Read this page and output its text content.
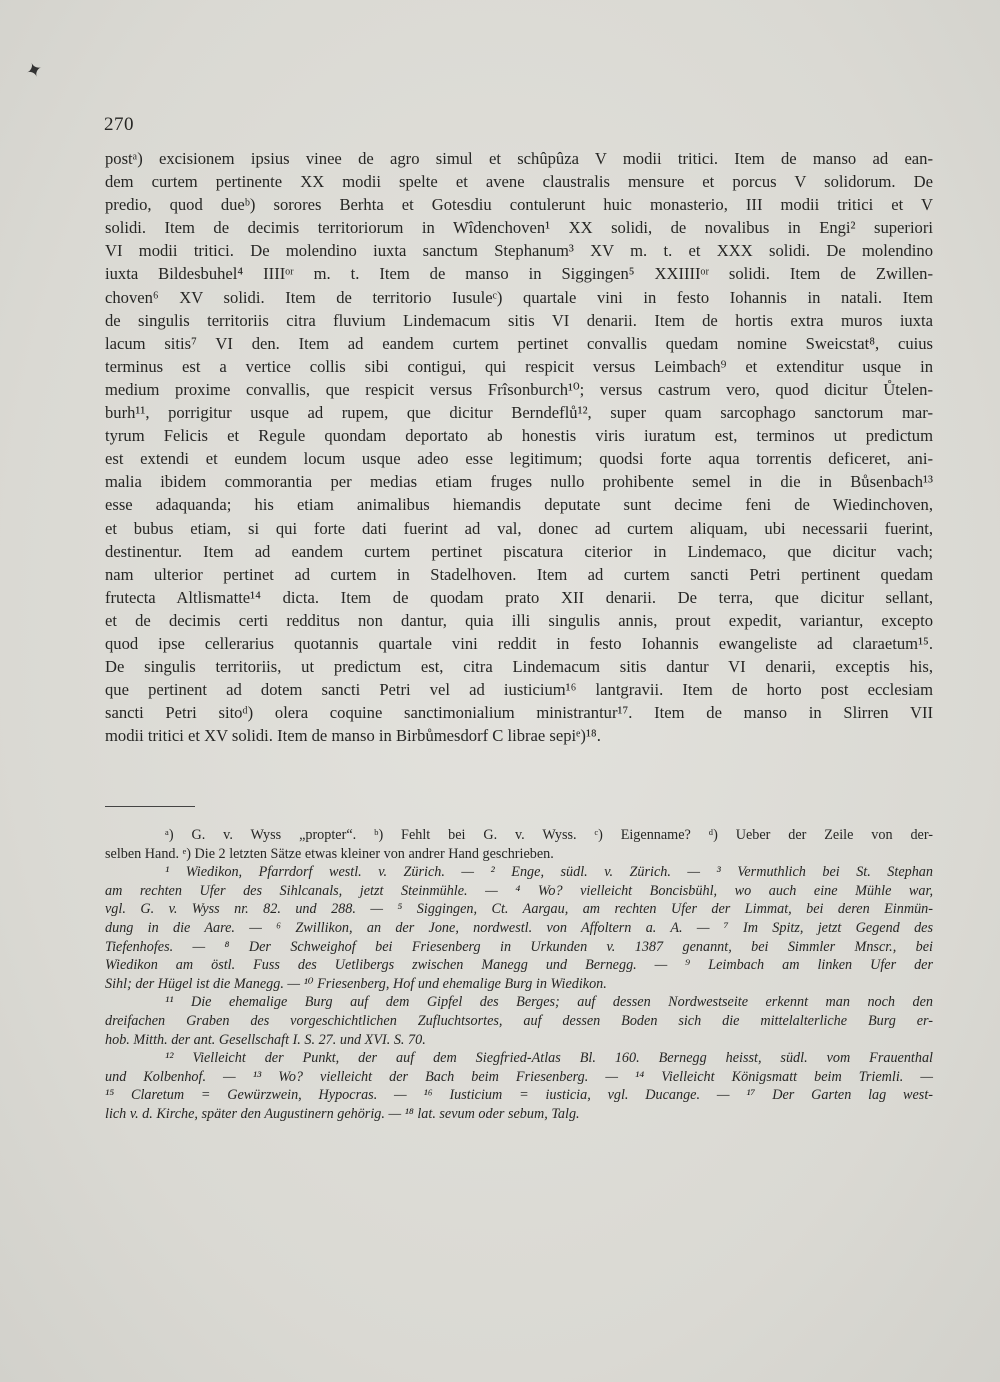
✦
270
postᵃ) excisionem ipsius vinee de agro simul et schûpûza V modii tritici. Item de manso ad ean-
dem curtem pertinente XX modii spelte et avene claustralis mensure et porcus V solidorum. De
predio, quod dueᵇ) sorores Berhta et Gotesdiu contulerunt huic monasterio, III modii tritici et V
solidi. Item de decimis territoriorum in Wîdenchoven¹ XX solidi, de novalibus in Engi² superiori
VI modii tritici. De molendino iuxta sanctum Stephanum³ XV m. t. et XXX solidi. De molendino
iuxta Bildesbuhel⁴ IIIIᵒʳ m. t. Item de manso in Siggingen⁵ XXIIIIᵒʳ solidi. Item de Zwillen-
choven⁶ XV solidi. Item de territorio Iusuleᶜ) quartale vini in festo Iohannis in natali. Item
de singulis territoriis citra fluvium Lindemacum sitis VI denarii. Item de hortis extra muros iuxta
lacum sitis⁷ VI den. Item ad eandem curtem pertinet convallis quedam nomine Sweicstat⁸, cuius
terminus est a vertice collis sibi contigui, qui respicit versus Leimbach⁹ et extenditur usque in
medium proxime convallis, que respicit versus Frîsonburch¹⁰; versus castrum vero, quod dicitur Ůtelen-
burh¹¹, porrigitur usque ad rupem, que dicitur Berndeflů¹², super quam sarcophago sanctorum mar-
tyrum Felicis et Regule quondam deportato ab honestis viris iuratum est, terminos ut predictum
est extendi et eundem locum usque adeo esse legitimum; quodsi forte aqua torrentis deficeret, ani-
malia ibidem commorantia per medias etiam fruges nullo prohibente semel in die in Bůsenbach¹³
esse adaquanda; his etiam animalibus hiemandis deputate sunt decime feni de Wiedinchoven,
et bubus etiam, si qui forte dati fuerint ad val, donec ad curtem aliquam, ubi necessarii fuerint,
destinentur. Item ad eandem curtem pertinet piscatura citerior in Lindemaco, que dicitur vach;
nam ulterior pertinet ad curtem in Stadelhoven. Item ad curtem sancti Petri pertinent quedam
frutecta Altlismatte¹⁴ dicta. Item de quodam prato XII denarii. De terra, que dicitur sellant,
et de decimis certi redditus non dantur, quia illi singulis annis, prout expedit, variantur, excepto
quod ipse cellerarius quotannis quartale vini reddit in festo Iohannis ewangeliste ad claraetum¹⁵.
De singulis territoriis, ut predictum est, citra Lindemacum sitis dantur VI denarii, exceptis his,
que pertinent ad dotem sancti Petri vel ad iusticium¹⁶ lantgravii. Item de horto post ecclesiam
sancti Petri sitoᵈ) olera coquine sanctimonialium ministrantur¹⁷. Item de manso in Slirren VII
modii tritici et XV solidi. Item de manso in Birbůmesdorf C librae sepiᵉ)¹⁸.
ᵃ) G. v. Wyss „propter“. ᵇ) Fehlt bei G. v. Wyss. ᶜ) Eigenname? ᵈ) Ueber der Zeile von der-
selben Hand. ᵉ) Die 2 letzten Sätze etwas kleiner von andrer Hand geschrieben.
¹ Wiedikon, Pfarrdorf westl. v. Zürich. — ² Enge, südl. v. Zürich. — ³ Vermuthlich bei St. Stephan
am rechten Ufer des Sihlcanals, jetzt Steinmühle. — ⁴ Wo? vielleicht Boncisbühl, wo auch eine Mühle war,
vgl. G. v. Wyss nr. 82. und 288. — ⁵ Siggingen, Ct. Aargau, am rechten Ufer der Limmat, bei deren Einmün-
dung in die Aare. — ⁶ Zwillikon, an der Jone, nordwestl. von Affoltern a. A. — ⁷ Im Spitz, jetzt Gegend des
Tiefenhofes. — ⁸ Der Schweighof bei Friesenberg in Urkunden v. 1387 genannt, bei Simmler Mnscr., bei
Wiedikon am östl. Fuss des Uetlibergs zwischen Manegg und Bernegg. — ⁹ Leimbach am linken Ufer der
Sihl; der Hügel ist die Manegg. — ¹⁰ Friesenberg, Hof und ehemalige Burg in Wiedikon.
¹¹ Die ehemalige Burg auf dem Gipfel des Berges; auf dessen Nordwestseite erkennt man noch den
dreifachen Graben des vorgeschichtlichen Zufluchtsortes, auf dessen Boden sich die mittelalterliche Burg er-
hob. Mitth. der ant. Gesellschaft I. S. 27. und XVI. S. 70.
¹² Vielleicht der Punkt, der auf dem Siegfried-Atlas Bl. 160. Bernegg heisst, südl. vom Frauenthal
und Kolbenhof. — ¹³ Wo? vielleicht der Bach beim Friesenberg. — ¹⁴ Vielleicht Königsmatt beim Triemli. —
¹⁵ Claretum = Gewürzwein, Hypocras. — ¹⁶ Iusticium = iusticia, vgl. Ducange. — ¹⁷ Der Garten lag west-
lich v. d. Kirche, später den Augustinern gehörig. — ¹⁸ lat. sevum oder sebum, Talg.
